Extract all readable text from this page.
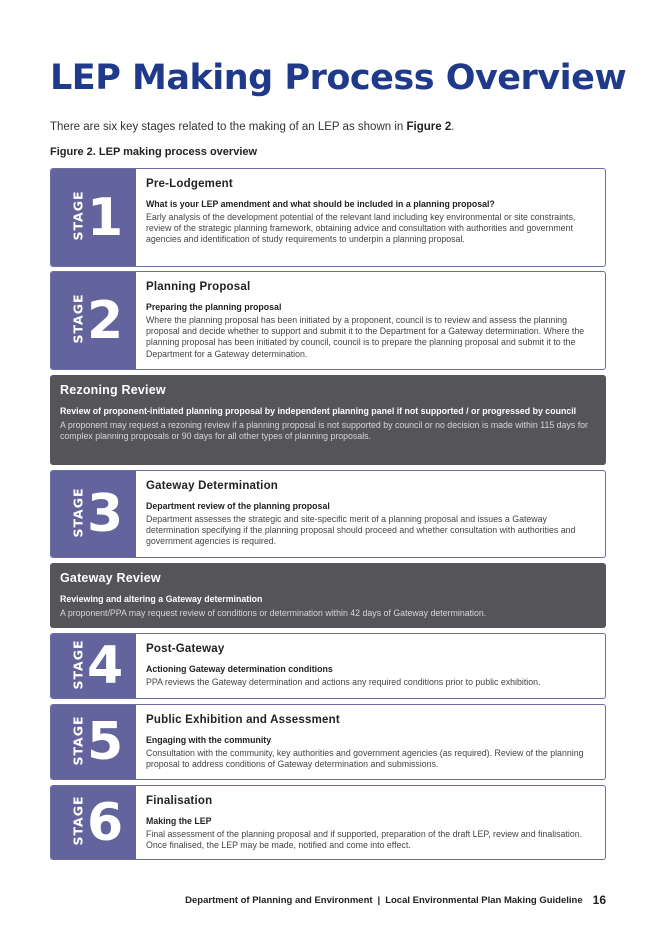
LEP Making Process Overview
There are six key stages related to the making of an LEP as shown in Figure 2.
Figure 2. LEP making process overview
STAGE 1
Pre-Lodgement
What is your LEP amendment and what should be included in a planning proposal?
Early analysis of the development potential of the relevant land including key environmental or site constraints, review of the strategic planning framework, obtaining advice and consultation with authorities and government agencies and identification of study requirements to underpin a planning proposal.
STAGE 2
Planning Proposal
Preparing the planning proposal
Where the planning proposal has been initiated by a proponent, council is to review and assess the planning proposal and decide whether to support and submit it to the Department for a Gateway determination. Where the planning proposal has been initiated by council, council is to prepare the planning proposal and submit it to the Department for a Gateway determination.
Rezoning Review
Review of proponent-initiated planning proposal by independent planning panel if not supported / or progressed by council
A proponent may request a rezoning review if a planning proposal is not supported by council or no decision is made within 115 days for complex planning proposals or 90 days for all other types of planning proposals.
STAGE 3 Gateway Determination
Department review of the planning proposal
Department assesses the strategic and site-specific merit of a planning proposal and issues a Gateway determination specifying if the planning proposal should proceed and whether consultation with authorities and government agencies is required.
Gateway Review
Reviewing and altering a Gateway determination
A proponent/PPA may request review of conditions or determination within 42 days of Gateway determination.
STAGE 4 Post-Gateway
Actioning Gateway determination conditions
PPA reviews the Gateway determination and actions any required conditions prior to public exhibition.
STAGE 5 Public Exhibition and Assessment
Engaging with the community
Consultation with the community, key authorities and government agencies (as required). Review of the planning proposal to address conditions of Gateway determination and submissions.
STAGE 6 Finalisation
Making the LEP
Final assessment of the planning proposal and if supported, preparation of the draft LEP, review and finalisation. Once finalised, the LEP may be made, notified and come into effect.
Department of Planning and Environment | Local Environmental Plan Making Guideline 16
